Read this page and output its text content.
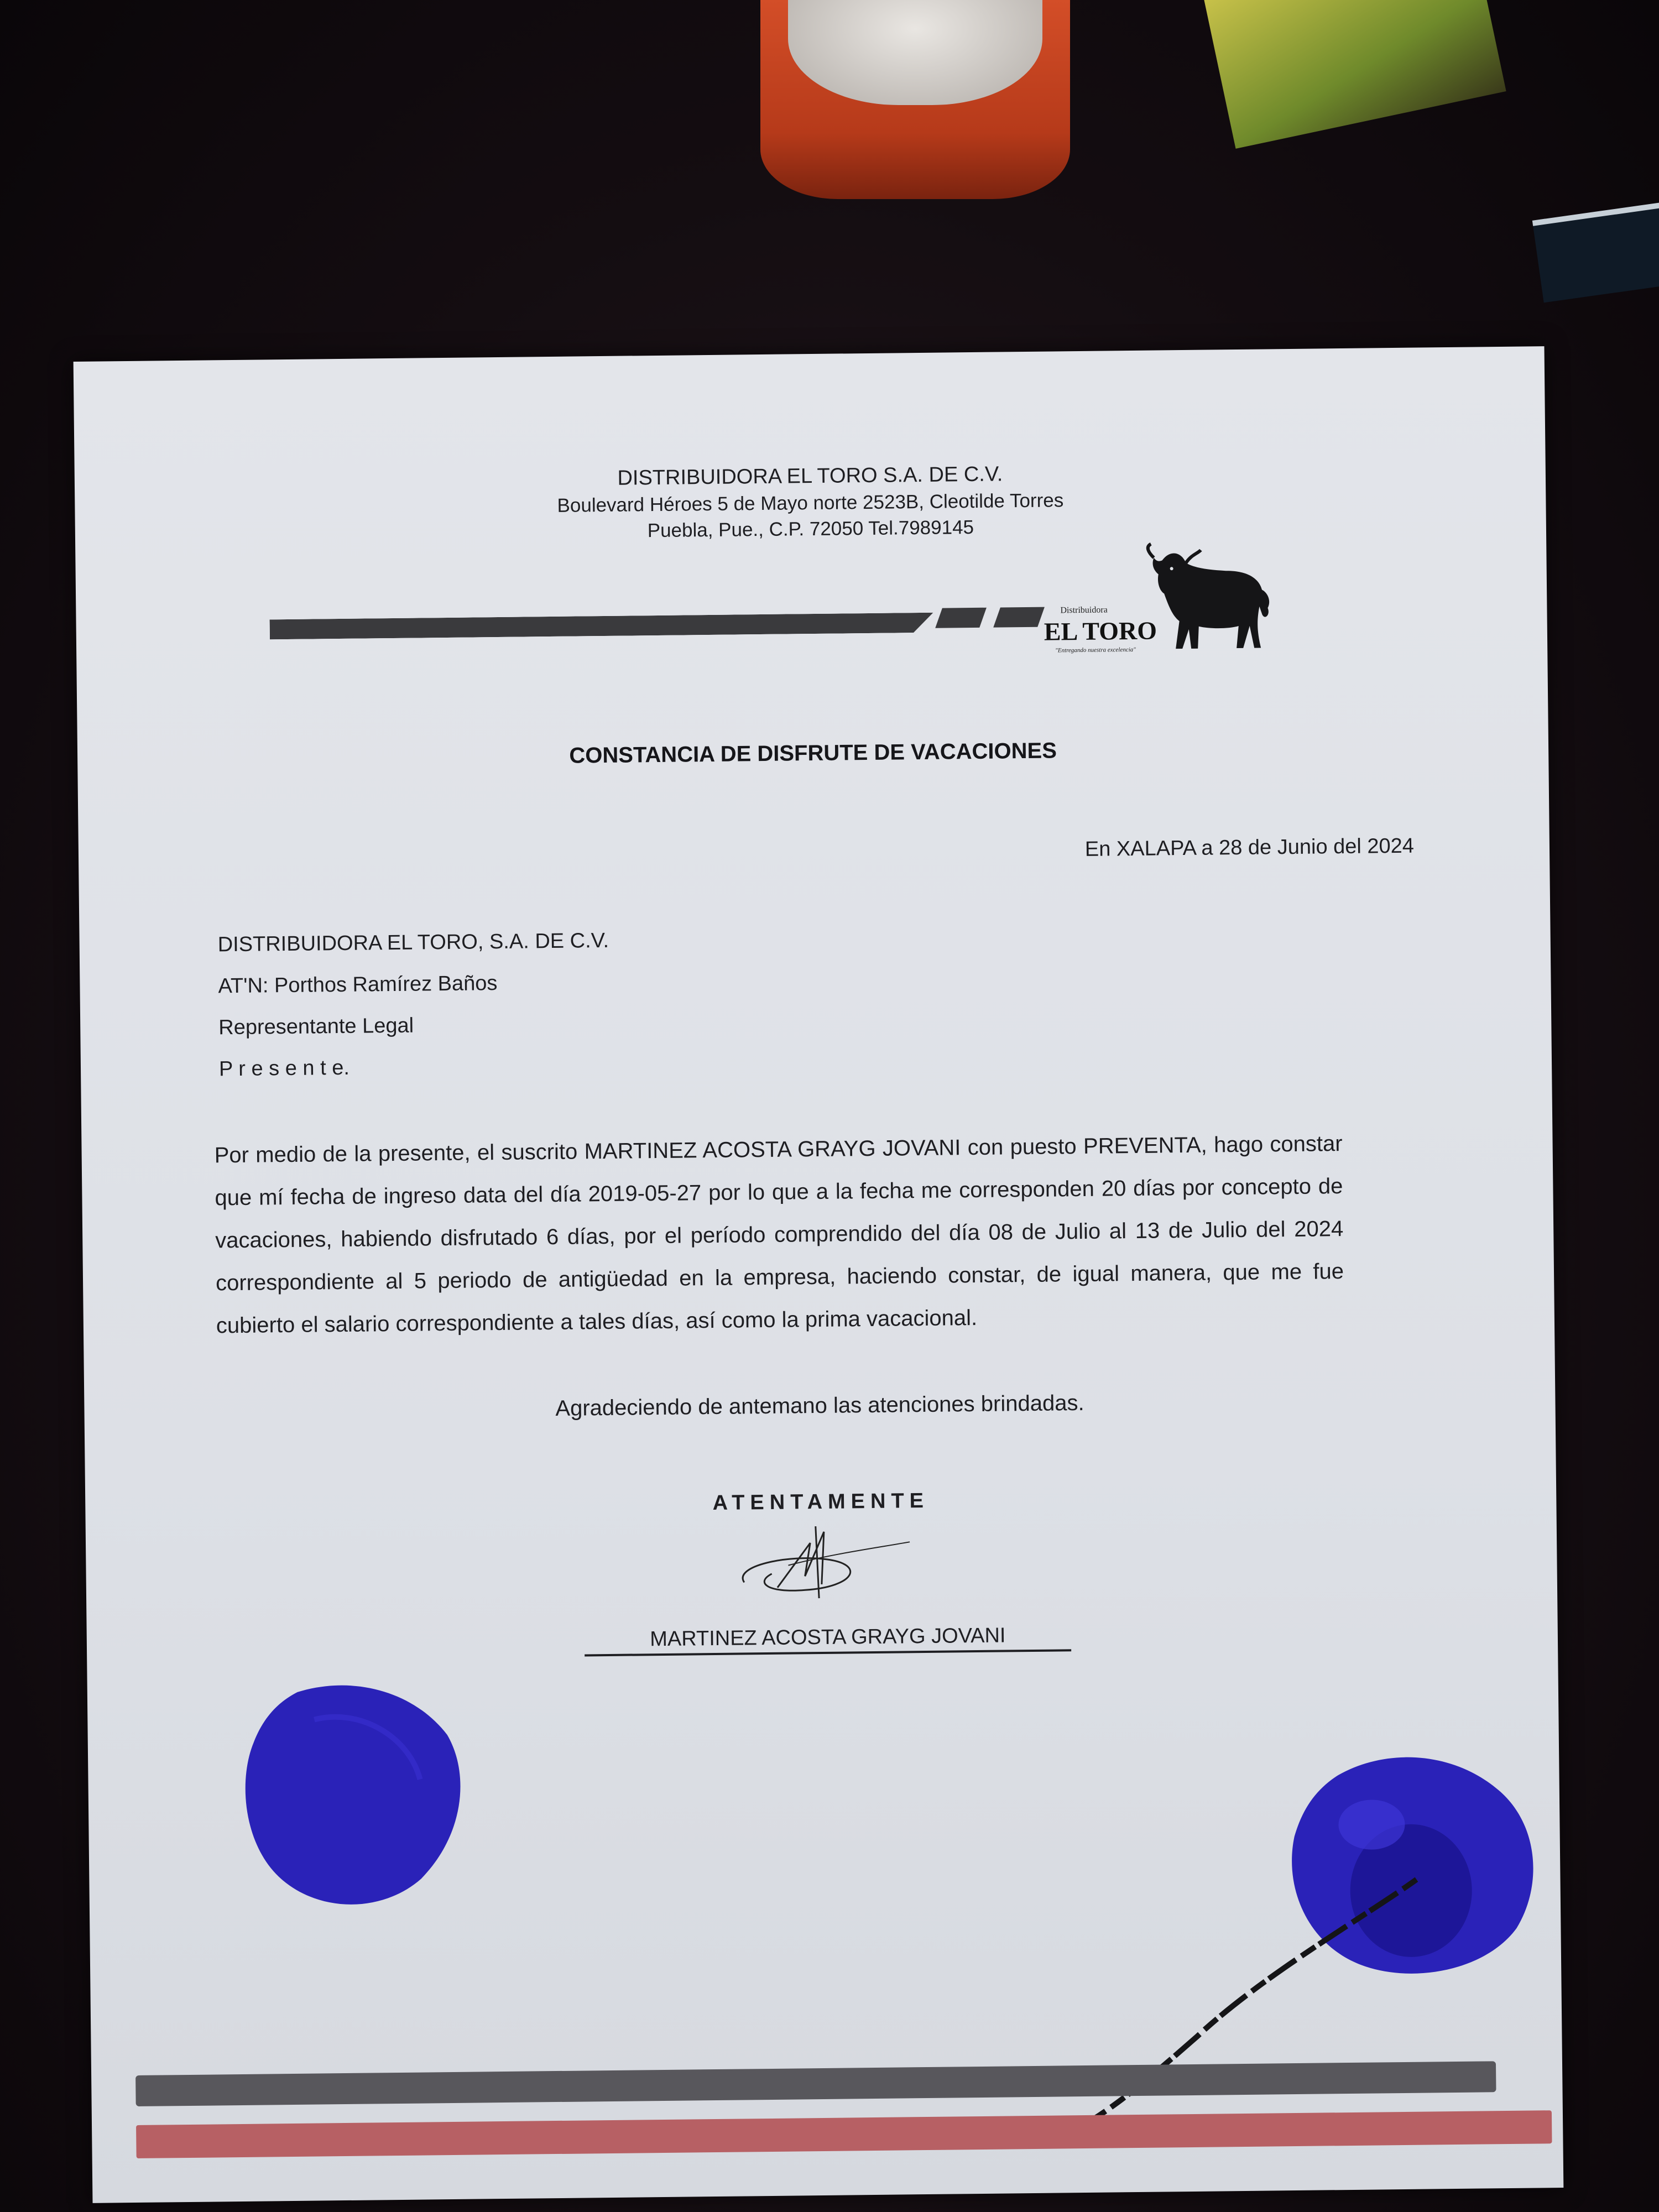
DISTRIBUIDORA EL TORO S.A. DE C.V.
Boulevard Héroes 5 de Mayo norte 2523B, Cleotilde Torres
Puebla, Pue., C.P. 72050 Tel.7989145
Distribuidora
EL TORO
"Entregando nuestra excelencia"
CONSTANCIA DE DISFRUTE DE VACACIONES
En XALAPA a 28 de Junio del 2024
DISTRIBUIDORA EL TORO, S.A. DE C.V.
AT'N: Porthos Ramírez Baños
Representante Legal
P r e s e n t e.
Por medio de la presente, el suscrito MARTINEZ ACOSTA GRAYG JOVANI con puesto PREVENTA, hago constar que mí fecha de ingreso data del día 2019-05-27 por lo que a la fecha me corresponden 20 días por concepto de vacaciones, habiendo disfrutado 6 días, por el período comprendido del día 08 de Julio al 13 de Julio del 2024 correspondiente al 5 periodo de antigüedad en la empresa, haciendo constar, de igual manera, que me fue cubierto el salario correspondiente a tales días, así como la prima vacacional.
Agradeciendo de antemano las atenciones brindadas.
ATENTAMENTE
MARTINEZ ACOSTA GRAYG JOVANI
